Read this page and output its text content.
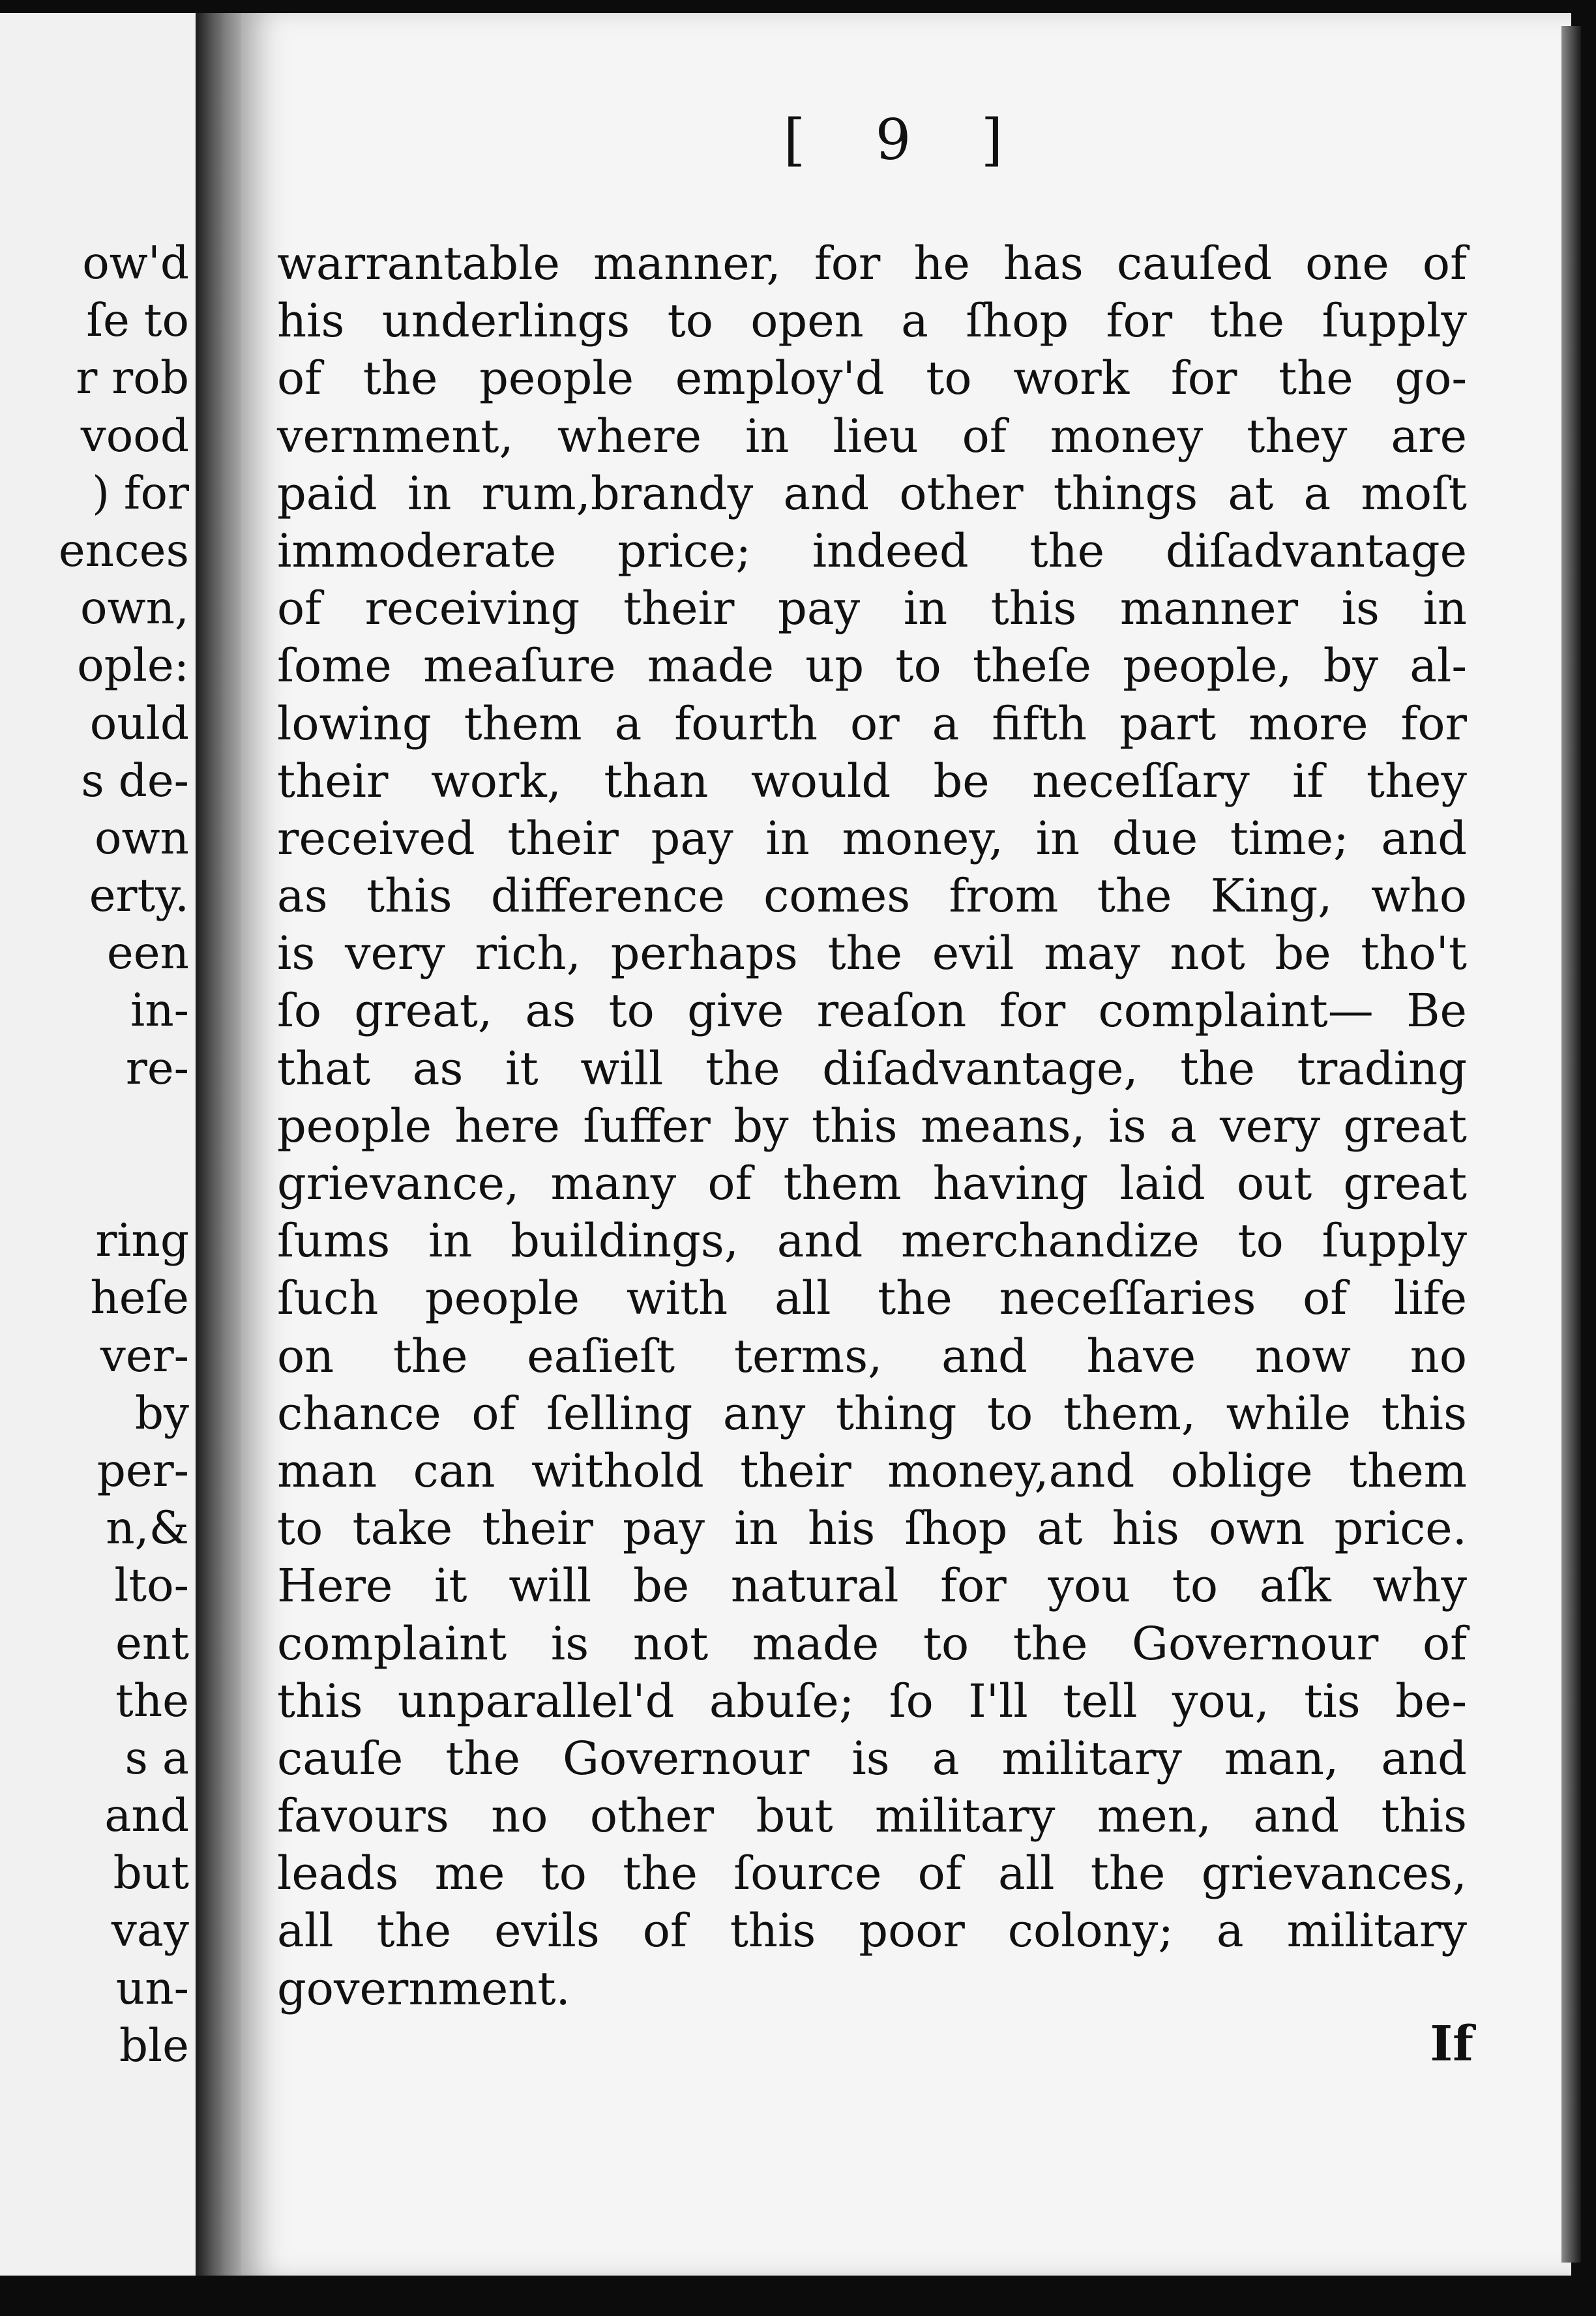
ow'd
ſe to
r rob
vood
) for
ences
own,
ople:
ould
s de-
own
erty.
een
in-
re-
ring
heſe
ver-
by
per-
n,&
lto-
ent
the
s a
and
but
vay
un-
ble
[ 9 ]
warrantable manner, for he has cauſed one of
his underlings to open a ſhop for the ſupply
of the people employ'd to work for the go-
vernment, where in lieu of money they are
paid in rum,brandy and other things at a moſt
immoderate price; indeed the diſadvantage
of receiving their pay in this manner is in
ſome meaſure made up to theſe people, by al-
lowing them a fourth or a fifth part more for
their work, than would be neceſſary if they
received their pay in money, in due time; and
as this difference comes from the King, who
is very rich, perhaps the evil may not be tho't
ſo great, as to give reaſon for complaint— Be
that as it will the diſadvantage, the trading
people here ſuffer by this means, is a very great
grievance, many of them having laid out great
ſums in buildings, and merchandize to ſupply
ſuch people with all the neceſſaries of life
on the eaſieſt terms, and have now no
chance of ſelling any thing to them, while this
man can withold their money,and oblige them
to take their pay in his ſhop at his own price.
Here it will be natural for you to aſk why
complaint is not made to the Governour of
this unparallel'd abuſe; ſo I'll tell you, tis be-
cauſe the Governour is a military man, and
favours no other but military men, and this
leads me to the ſource of all the grievances,
all the evils of this poor colony; a military
government.
If
